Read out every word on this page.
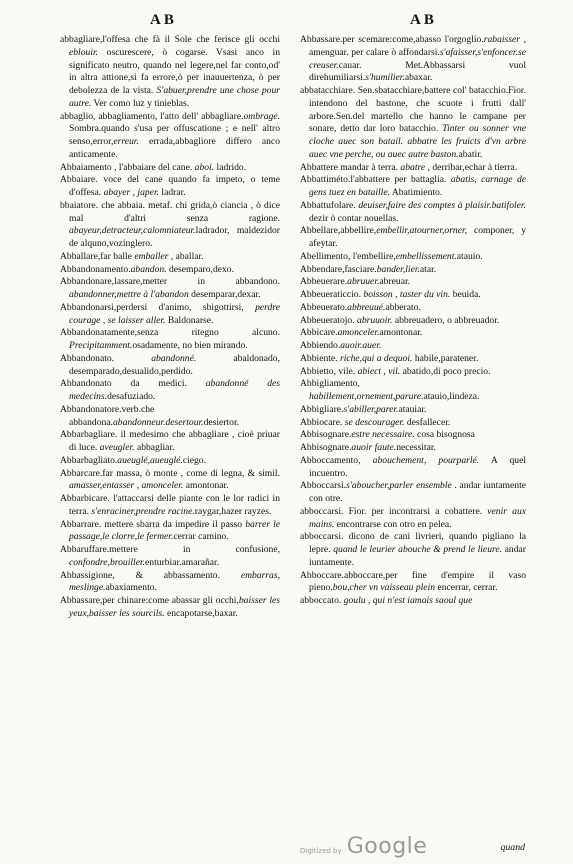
AB	AB

abbagliare,l'offesa che fà il Sole che ferisce gli occhi eblouir. oscurescere, ò cogarse. Vsasi anco in significato neutro, quando nel legere,nel far conto,od' in altra attione,si fa errore,ò per inauuertenza, ò per debolezza de la vista. S'abuer,prendre une chose pour autre. Ver como luz y tinieblas.

abbaglio, abbagliamento, l'atto dell' abbagliare.ombrage. Sombra.quando s'usa per offuscatione ; e nell' altro senso,error,erreur. errada,abbagliore differo anco anticamente.

Abbaiamento , l'abbaiare del cane. aboi. ladrido.

Abbaiare. voce del cane quando fa impeto, o teme d'offesa. abayer , japer. ladrar.

bbaiatore. che abbaia. metaf. chi grida,ò ciancia , ò dice mal d'altri senza ragione. abayeur,detracteur,calomniateur.ladrador, maldezidor de alquno,vozinglero.

Abballare,far balle emballer , aballar.

Abbandonamento.abandon. desemparo,dexo.

Abbandonare,lassare,metter in abbandono. abandonner,mettre à l'abandon desemparar,dexar.

Abbandonarsi,perdersi d'animo, sbigottirsi, perdre courage , se laisser aller. Baldonarse.

Abbandonatamente,senza ritegno alcuno. Precipitamment.osadamente, no bien mirando.

Abbandonato. abandonné. abaldonado, desemparado,desualido,perdido.

Abbandonato da medici. abandonné des medecins.desafuziado.

Abbandonatore.verb.che abbandona.abandonneur.desertour.desiertor.

Abbarbagliare. il medesimo che abbagliare , cioè priuar di luce. aveugler. abbagliar.

Abbarbagliato.aueuglé,aueuglé.ciego.

Abbarcare.far massa, ò monte , come di legna, & simil. amasser,entasser , amonceler. amontonar.

Abbarbicare. l'attaccarsi delle piante con le lor radici in terra. s'enraciner,prendre racine.raygar,hazer rayzes.

Abbarrare. mettere sbarra da impedire il passo barrer le passage,le clorre,le fermer.cerrar camino.

Abbaruffare.mettere in confusione, confondre,brouiller.enturbiar.amarañar.

Abbassigione, & abbassamento. embarras, meslinge.abaxiamento.

Abbassare,per chinare:come abassar gli occhi,baisser les yeux,baisser les sourcils. encapotarse,baxar.

Abbassare.per scemare:come,abasso l'orgoglio.rabaisser , amenguar. per calare ò affondarsi.s'afaisser,s'enfoncer.se creuser.cauar. Met.Abbassarsi vuol direhumiliarsi.s'humilier.abaxar.

abbatacchiare. Sen.sbatacchiare,battere col' batacchio.Fior. intendono del bastone, che scuote i frutti dall' arbore.Sen.del martello che hanno le campane per sonare, detto dar loro batacchio. Tinter ou sonner vne cloche auec son batail. abbatre les fruicts d'vn arbre auec vne perche, ou auec autre baston.abatir.

Abbattere mandar à terra. abatre , derribar,echar à tierra.

Abbattiméto.l'abbattere per battaglia. abatis, carnage de gens tuez en bataille. Abatimiento.

Abbattufolare. deuiser,faire des comptes à plaisir.batifoler. dezir ò contar nouellas.

Abbellare,abbellire,embellir,atourner,orner, componer, y afeytar.

Abellimento, l'embellire,embellissement.atauio.

Abbendare,fasciare.bander,lier.atar.

Abbeuerare.abruuer.abreuar.

Abbeueraticcio. boisson , taster du vin. beuida.

Abbeuerato.abbreuué.abberato.

Abbeueratojo. abruuoir. abbreuadero, o abbreuador.

Abbicare.amonceler.amontonar.

Abbiendo.auoir.auer.

Abbiente. riche,qui a dequoi. habile,paratener.

Abbietto, vile. abiect , vil. abatido,di poco precio.

Abbigliamento, habillement,ornement,parure.atauio,lindeza.

Abbigliare.s'abiller,parer.atauiar.

Abbiocare. se descourager. desfallecer.

Abbisognare.estre necessaire. cosa bisognosa

Abbisognare.auoir faute.necessitar.

Abboccamento, abouchement, pourparlé. A quel incuentro.

Abboccarsi.s'aboucher,parler ensemble . andar iuntamente con otre.

abboccarsi. Fior. per incontrarsi a cobattere. venir aux mains. encontrarse con otro en pelea.

abboccarsi. dicono de cani livrieri, quando pigliano la lepre. quand le leurier abouche & prend le lieure. andar iuntamente.

Abboccare.abboccare,per fine d'empire il vaso pieno.bou,cher vn vaisseau plein encerrar, cerrar.

abboccato. goulu , qui n'est iamais saoul que

Digitized by Google	quand
